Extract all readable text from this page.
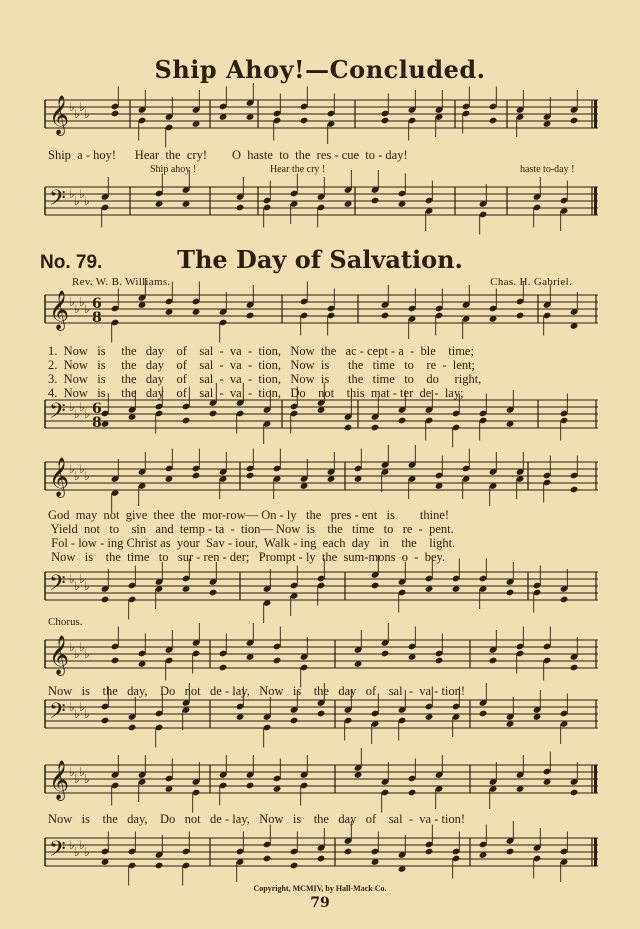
𝄞 ♭ ♭ ♭ ♭
𝄢 ♭ ♭ ♭ ♭
𝄞 ♭ ♭ ♭ ♭
𝄢 ♭ ♭ ♭ ♭
𝄞 ♭ ♭ ♭ ♭
𝄢 ♭ ♭ ♭ ♭
𝄞 ♭ ♭ ♭ ♭
𝄢 ♭ ♭ ♭ ♭
𝄞 ♭ ♭ ♭ ♭
𝄢 ♭ ♭ ♭ ♭
6
8
6
8
Ship Ahoy!—Concluded.
Ship  a - hoy!      Hear  the  cry!        O  haste  to  the  res - cue  to - day!
Ship ahoy !	Hear the cry !	haste to-day !
No. 79.	The Day of Salvation.
Rev. W. B. Williams.	Chas. H. Gabriel.
1.  Now   is     the   day    of    sal  -  va  -  tion,   Now  the   ac - cept - a  -  ble    time;
2.  Now   is     the   day    of    sal  -  va  -  tion,   Now  is      the   time   to    re  -  lent;
3.  Now   is     the   day    of    sal  -  va  -  tion,   Now  is      the   time   to    do     right,
4.  Now   is     the   day    of    sal  -  va  -  tion,   Do    not    this  mat - ter  de -  lay;
God  may  not  give  thee  the  mor-row— On - ly   the   pres - ent   is        thine!
Yield  not   to    sin   and  temp - ta  -  tion— Now  is    the   time   to   re  -  pent.
Fol - low - ing Christ as  your  Sav - iour,  Walk - ing  each  day   in    the    light.
Now   is    the  time   to   sur - ren - der;   Prompt - ly  the  sum-mons  o  -  bey.
Chorus.
Now   is    the   day,    Do   not   de - lay,   Now   is    the   day   of    sal  -  va - tion!
Now   is    the   day,    Do   not   de - lay,   Now   is    the   day   of    sal  -  va - tion!
Copyright, MCMIV, by Hall-Mack Co.
79
